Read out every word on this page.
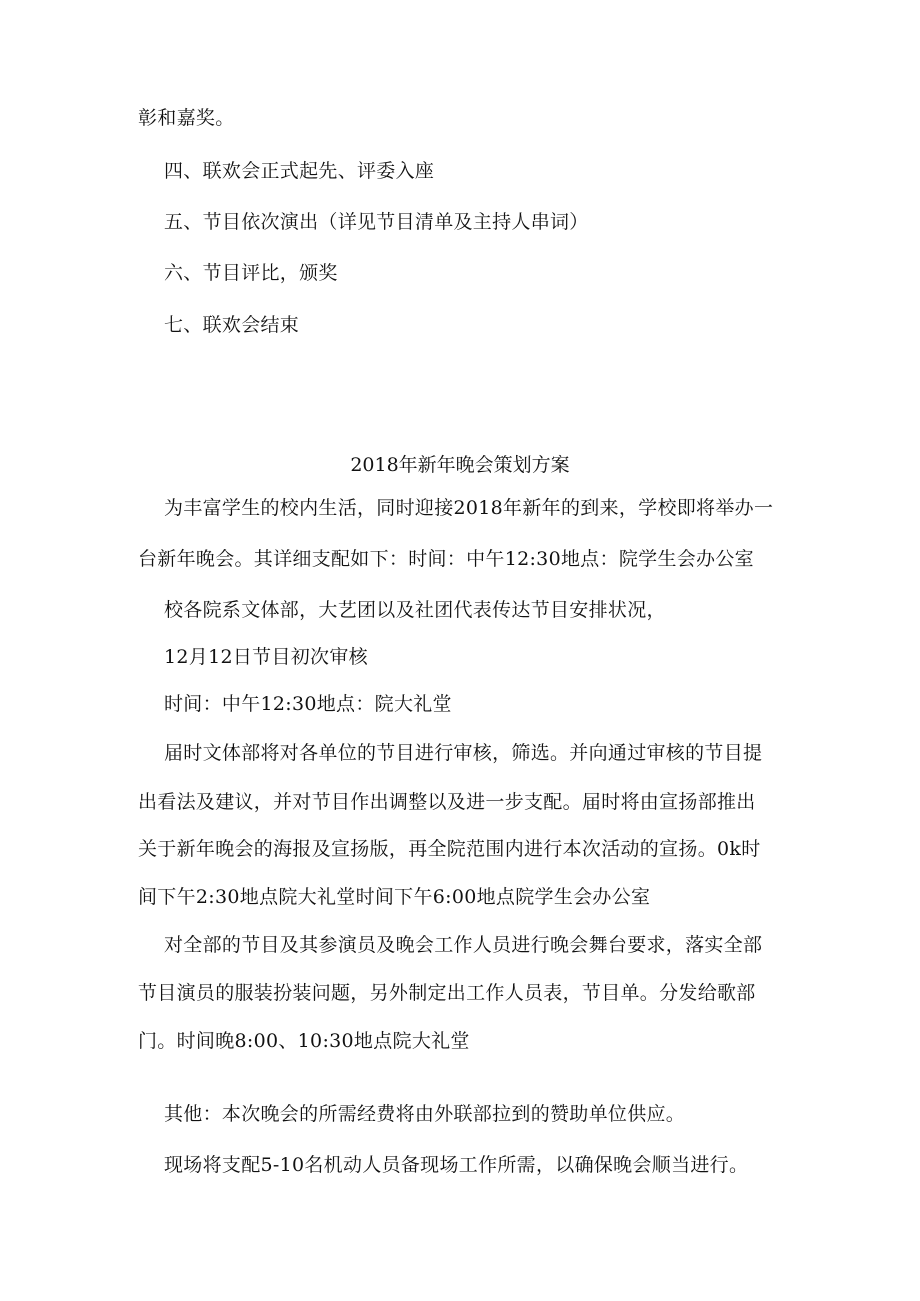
彰和嘉奖。
四、联欢会正式起先、评委入座
五、节目依次演出（详见节目清单及主持人串词）
六、节目评比，颁奖
七、联欢会结束
2018年新年晚会策划方案
为丰富学生的校内生活，同时迎接2018年新年的到来，学校即将举办一
台新年晚会。其详细支配如下：时间：中午12:30地点：院学生会办公室
校各院系文体部，大艺团以及社团代表传达节目安排状况，
12月12日节目初次审核
时间：中午12:30地点：院大礼堂
届时文体部将对各单位的节目进行审核，筛选。并向通过审核的节目提
出看法及建议，并对节目作出调整以及进一步支配。届时将由宣扬部推出
关于新年晚会的海报及宣扬版，再全院范围内进行本次活动的宣扬。0k时
间下午2:30地点院大礼堂时间下午6:00地点院学生会办公室
对全部的节目及其参演员及晚会工作人员进行晚会舞台要求，落实全部
节目演员的服装扮装问题，另外制定出工作人员表，节目单。分发给歌部
门。时间晚8:00、10:30地点院大礼堂
其他：本次晚会的所需经费将由外联部拉到的赞助单位供应。
现场将支配5-10名机动人员备现场工作所需，以确保晚会顺当进行。
